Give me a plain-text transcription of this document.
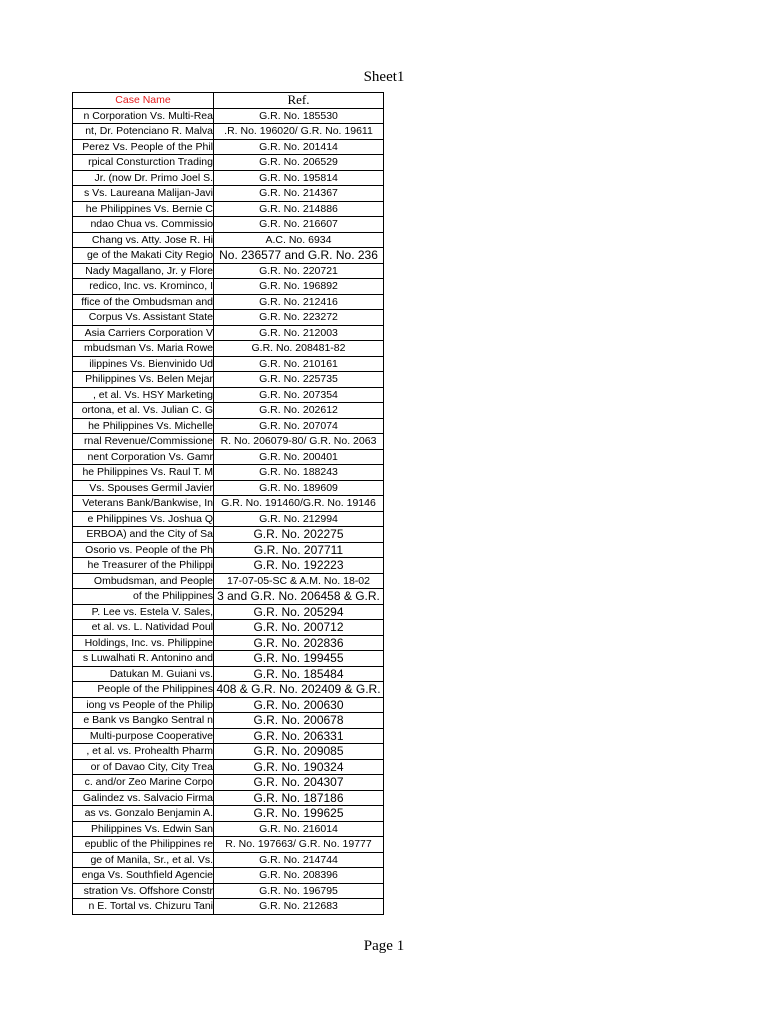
Sheet1
Case Name	Ref.
n Corporation Vs. Multi-Rea	G.R. No. 185530
nt, Dr. Potenciano R. Malva	.R. No. 196020/ G.R. No. 19611
Perez Vs. People of the Phil	G.R. No. 201414
rpical Consturction Trading	G.R. No. 206529
Jr. (now Dr. Primo Joel S.	G.R. No. 195814
s Vs. Laureana Malijan-Javi	G.R. No. 214367
he Philippines Vs. Bernie C	G.R. No. 214886
ndao Chua vs. Commissio	G.R. No. 216607
Chang vs. Atty. Jose R. Hi	A.C. No. 6934
ge of the Makati City Regio	No. 236577 and G.R. No. 236
Nady Magallano, Jr. y Flore	G.R. No. 220721
redico, Inc. vs. Krominco, I	G.R. No. 196892
ffice of the Ombudsman and	G.R. No. 212416
Corpus Vs. Assistant State	G.R. No. 223272
Asia Carriers Corporation V	G.R. No. 212003
mbudsman Vs. Maria Rowe	G.R. No. 208481-82
ilippines Vs. Bienvinido Ud	G.R. No. 210161
Philippines Vs. Belen Mejar	G.R. No. 225735
, et al. Vs. HSY Marketing	G.R. No. 207354
ortona, et al. Vs. Julian C. G	G.R. No. 202612
he Philippines Vs. Michelle	G.R. No. 207074
rnal Revenue/Commissione	R. No. 206079-80/ G.R. No. 2063
nent Corporation Vs. Gamr	G.R. No. 200401
he Philippines Vs. Raul T. M	G.R. No. 188243
Vs. Spouses Germil Javier	G.R. No. 189609
Veterans Bank/Bankwise, In	G.R. No. 191460/G.R. No. 19146
e Philippines Vs. Joshua Q	G.R. No. 212994
ERBOA) and the City of Sa	G.R. No. 202275
Osorio vs. People of the Ph	G.R. No. 207711
he Treasurer of the Philippi	G.R. No. 192223
Ombudsman, and People	17-07-05-SC & A.M. No. 18-02
of the Philippines	3 and G.R. No. 206458 & G.R.
P. Lee vs. Estela V. Sales,	G.R. No. 205294
et al. vs. L. Natividad Poul	G.R. No. 200712
Holdings, Inc. vs. Philippine	G.R. No. 202836
s Luwalhati R. Antonino and	G.R. No. 199455
Datukan M. Guiani vs.	G.R. No. 185484
People of the Philippines	408 & G.R. No. 202409 & G.R.
iong vs People of the Philip	G.R. No. 200630
e Bank vs Bangko Sentral n	G.R. No. 200678
Multi-purpose Cooperative	G.R. No. 206331
, et al. vs. Prohealth Pharm	G.R. No. 209085
or of Davao City, City Trea	G.R. No. 190324
c. and/or Zeo Marine Corpo	G.R. No. 204307
Galindez vs. Salvacio Firma	G.R. No. 187186
as vs. Gonzalo Benjamin A.	G.R. No. 199625
Philippines Vs. Edwin San	G.R. No. 216014
epublic of the Philippines re	R. No. 197663/ G.R. No. 19777
ge of Manila, Sr., et al. Vs.	G.R. No. 214744
enga Vs. Southfield Agencie	G.R. No. 208396
stration Vs. Offshore Constr	G.R. No. 196795
n E. Tortal vs. Chizuru Tani	G.R. No. 212683
Page 1
